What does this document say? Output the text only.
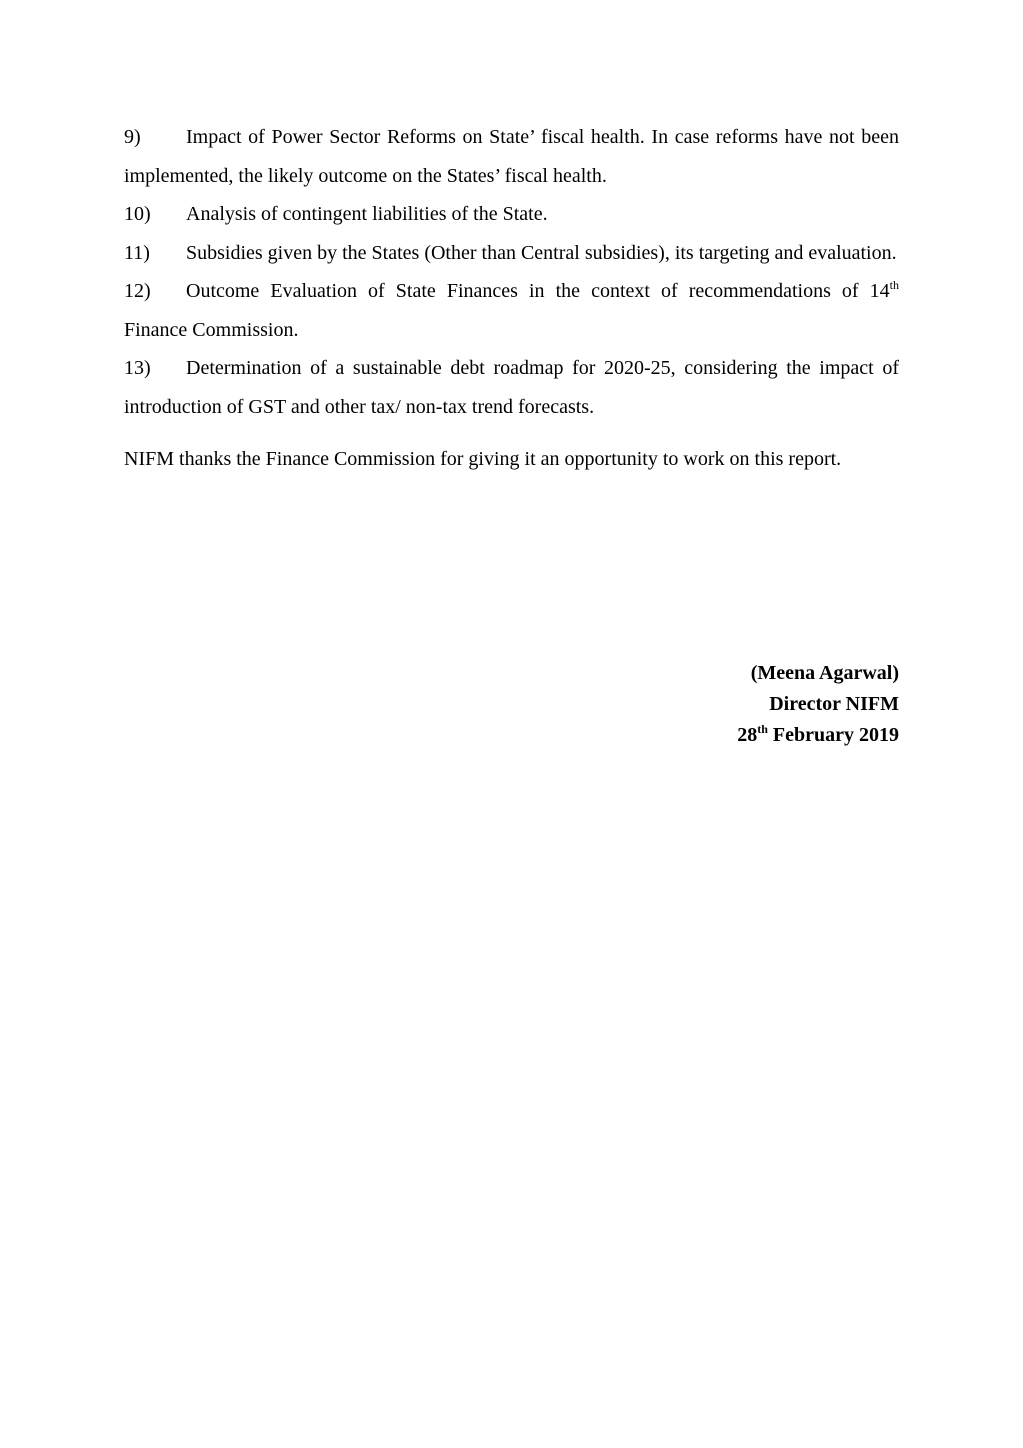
9) Impact of Power Sector Reforms on State’ fiscal health. In case reforms have not been implemented, the likely outcome on the States’ fiscal health.

10) Analysis of contingent liabilities of the State.

11) Subsidies given by the States (Other than Central subsidies), its targeting and evaluation.

12) Outcome Evaluation of State Finances in the context of recommendations of 14th Finance Commission.

13) Determination of a sustainable debt roadmap for 2020-25, considering the impact of introduction of GST and other tax/ non-tax trend forecasts.

NIFM thanks the Finance Commission for giving it an opportunity to work on this report.

(Meena Agarwal)
Director NIFM
28th February 2019
